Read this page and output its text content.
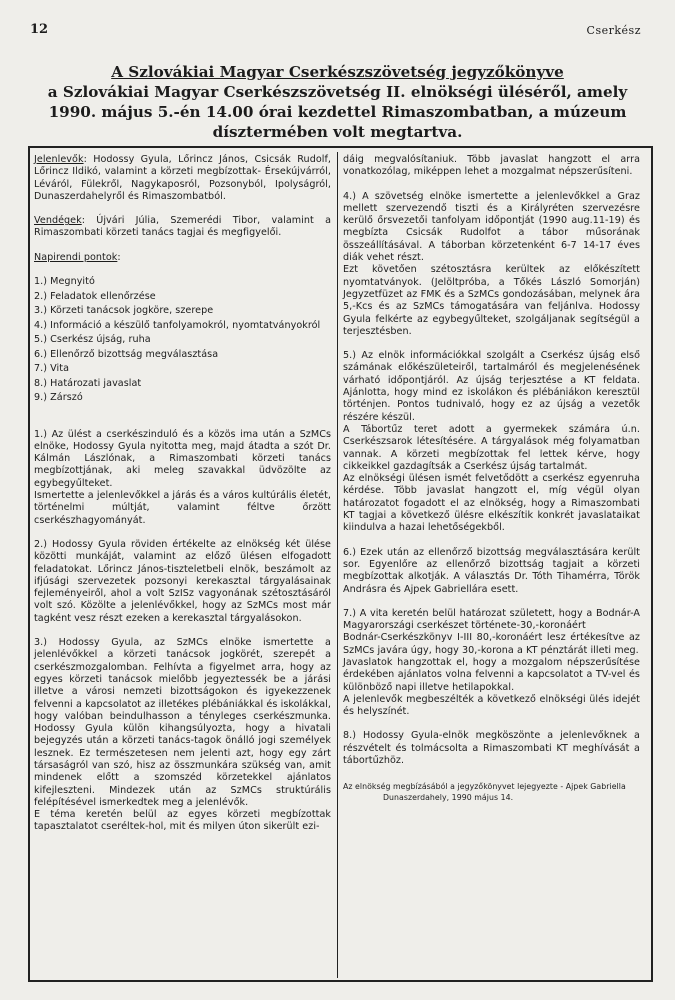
12	Cserkész
A Szlovákiai Magyar Cserkészszövetség jegyzőkönyve
a Szlovákiai Magyar Cserkészszövetség II. elnökségi üléséről, amely
1990. május 5.-én 14.00 órai kezdettel Rimaszombatban, a múzeum
dísztermében volt megtartva.

Jelenlevők: Hodossy Gyula, Lőrincz János, Csicsák Rudolf, Lőrincz Ildikó, valamint a körzeti megbízottak- Érsekújvárról, Léváról, Fülekről, Nagykaposról, Pozsonyból, Ipolyságról, Dunaszerdahelyről és Rimaszombatból.

Vendégek: Újvári Júlia, Szemerédi Tibor, valamint a Rimaszombati körzeti tanács tagjai és megfigyelői.

Napirendi pontok:

1.) Megnyitó
2.) Feladatok ellenőrzése
3.) Körzeti tanácsok jogköre, szerepe
4.) Információ a készülő tanfolyamokról, nyomtatványokról
5.) Cserkész újság, ruha
6.) Ellenőrző bizottság megválasztása
7.) Vita
8.) Határozati javaslat
9.) Zárszó

1.) Az ülést a cserkészinduló és a közös ima után a SzMCs elnöke, Hodossy Gyula nyitotta meg, majd átadta a szót Dr. Kálmán Lászlónak, a Rimaszombati körzeti tanács megbízottjának, aki meleg szavakkal üdvözölte az egybegyűlteket.

Ismertette a jelenlevőkkel a járás és a város kultúrális életét, történelmi múltját, valamint féltve őrzött cserkészhagyományát.

2.) Hodossy Gyula röviden értékelte az elnökség két ülése közötti munkáját, valamint az előző ülésen elfogadott feladatokat. Lőrincz János-tiszteletbeli elnök, beszámolt az ifjúsági szervezetek pozsonyi kerekasztal tárgyalásainak fejleményeiről, ahol a volt SzISz vagyonának szétosztásáról volt szó. Közölte a jelenlévőkkel, hogy az SzMCs most már tagként vesz részt ezeken a kerekasztal tárgyalásokon.

3.) Hodossy Gyula, az SzMCs elnöke ismertette a jelenlévőkkel a körzeti tanácsok jogkörét, szerepét a cserkészmozgalomban. Felhívta a figyelmet arra, hogy az egyes körzeti tanácsok mielőbb jegyeztessék be a járási illetve a városi nemzeti bizottságokon és igyekezzenek felvenni a kapcsolatot az illetékes plébániákkal és iskolákkal, hogy valóban beindulhasson a tényleges cserkészmunka. Hodossy Gyula külön kihangsúlyozta, hogy a hivatali bejegyzés után a körzeti tanács-tagok önálló jogi személyek lesznek. Ez természetesen nem jelenti azt, hogy egy zárt társaságról van szó, hisz az összmunkára szükség van, amit mindenek előtt a szomszéd körzetekkel ajánlatos kifejleszteni. Mindezek után az SzMCs struktúrális felépítésével ismerkedtek meg a jelenlévők.

E téma keretén belül az egyes körzeti megbízottak tapasztalatot cseréltek-hol, mit és milyen úton sikerült ezi-

dáig megvalósítaniuk. Több javaslat hangzott el arra vonatkozólag, miképpen lehet a mozgalmat népszerűsíteni.

4.) A szövetség elnöke ismertette a jelenlevőkkel a Graz mellett szervezendő tiszti és a Királyréten szervezésre kerülő őrsvezetői tanfolyam időpontját (1990 aug.11-19) és megbízta Csicsák Rudolfot a tábor műsorának összeállításával. A táborban körzetenként 6-7 14-17 éves diák vehet részt.

Ezt követően szétosztásra kerültek az előkészített nyomtatványok. (Jelöltpróba, a Tőkés László Somorján) Jegyzetfüzet az FMK és a SzMCs gondozásában, melynek ára 5,-Kcs és az SzMCs támogatására van feljánlva. Hodossy Gyula felkérte az egybegyűlteket, szolgáljanak segítségül a terjesztésben.

5.) Az elnök információkkal szolgált a Cserkész újság első számának előkészületeiről, tartalmáról és megjelenésének várható időpontjáról. Az újság terjesztése a KT feldata. Ajánlotta, hogy mind ez iskolákon és plébániákon keresztül történjen. Pontos tudnivaló, hogy ez az újság a vezetők részére készül.

A Tábortűz teret adott a gyermekek számára ú.n. Cserkészsarok létesítésére. A tárgyalások még folyamatban vannak. A körzeti megbízottak fel lettek kérve, hogy cikkeikkel gazdagítsák a Cserkész újság tartalmát.

Az elnökségi ülésen ismét felvetődött a cserkész egyenruha kérdése. Több javaslat hangzott el, míg végül olyan határozatot fogadott el az elnökség, hogy a Rimaszombati KT tagjai a következő ülésre elkészítik konkrét javaslataikat kiindulva a hazai lehetőségekből.

6.) Ezek után az ellenőrző bizottság megválasztására került sor. Egyenlőre az ellenőrző bizottság tagjait a körzeti megbízottak alkotják. A választás Dr. Tóth Tihamérra, Török Andrásra és Ajpek Gabriellára esett.

7.) A vita keretén belül határozat született, hogy a Bodnár-A Magyarországi cserkészet története-30,-koronáért

Bodnár-Cserkészkönyv I-III 80,-koronáért lesz értékesítve az SzMCs javára úgy, hogy 30,-korona a KT pénztárát illeti meg.

Javaslatok hangzottak el, hogy a mozgalom népszerűsítése érdekében ajánlatos volna felvenni a kapcsolatot a TV-vel és különböző napi illetve hetilapokkal.

A jelenlevők megbeszélték a következő elnökségi ülés idejét és helyszínét.

8.) Hodossy Gyula-elnök megköszönte a jelenlevőknek a részvételt és tolmácsolta a Rimaszombati KT meghívását a tábortűzhöz.

Az elnökség megbízásából a jegyzőkönyvet lejegyezte - Ajpek Gabriella
Dunaszerdahely, 1990 május 14.
